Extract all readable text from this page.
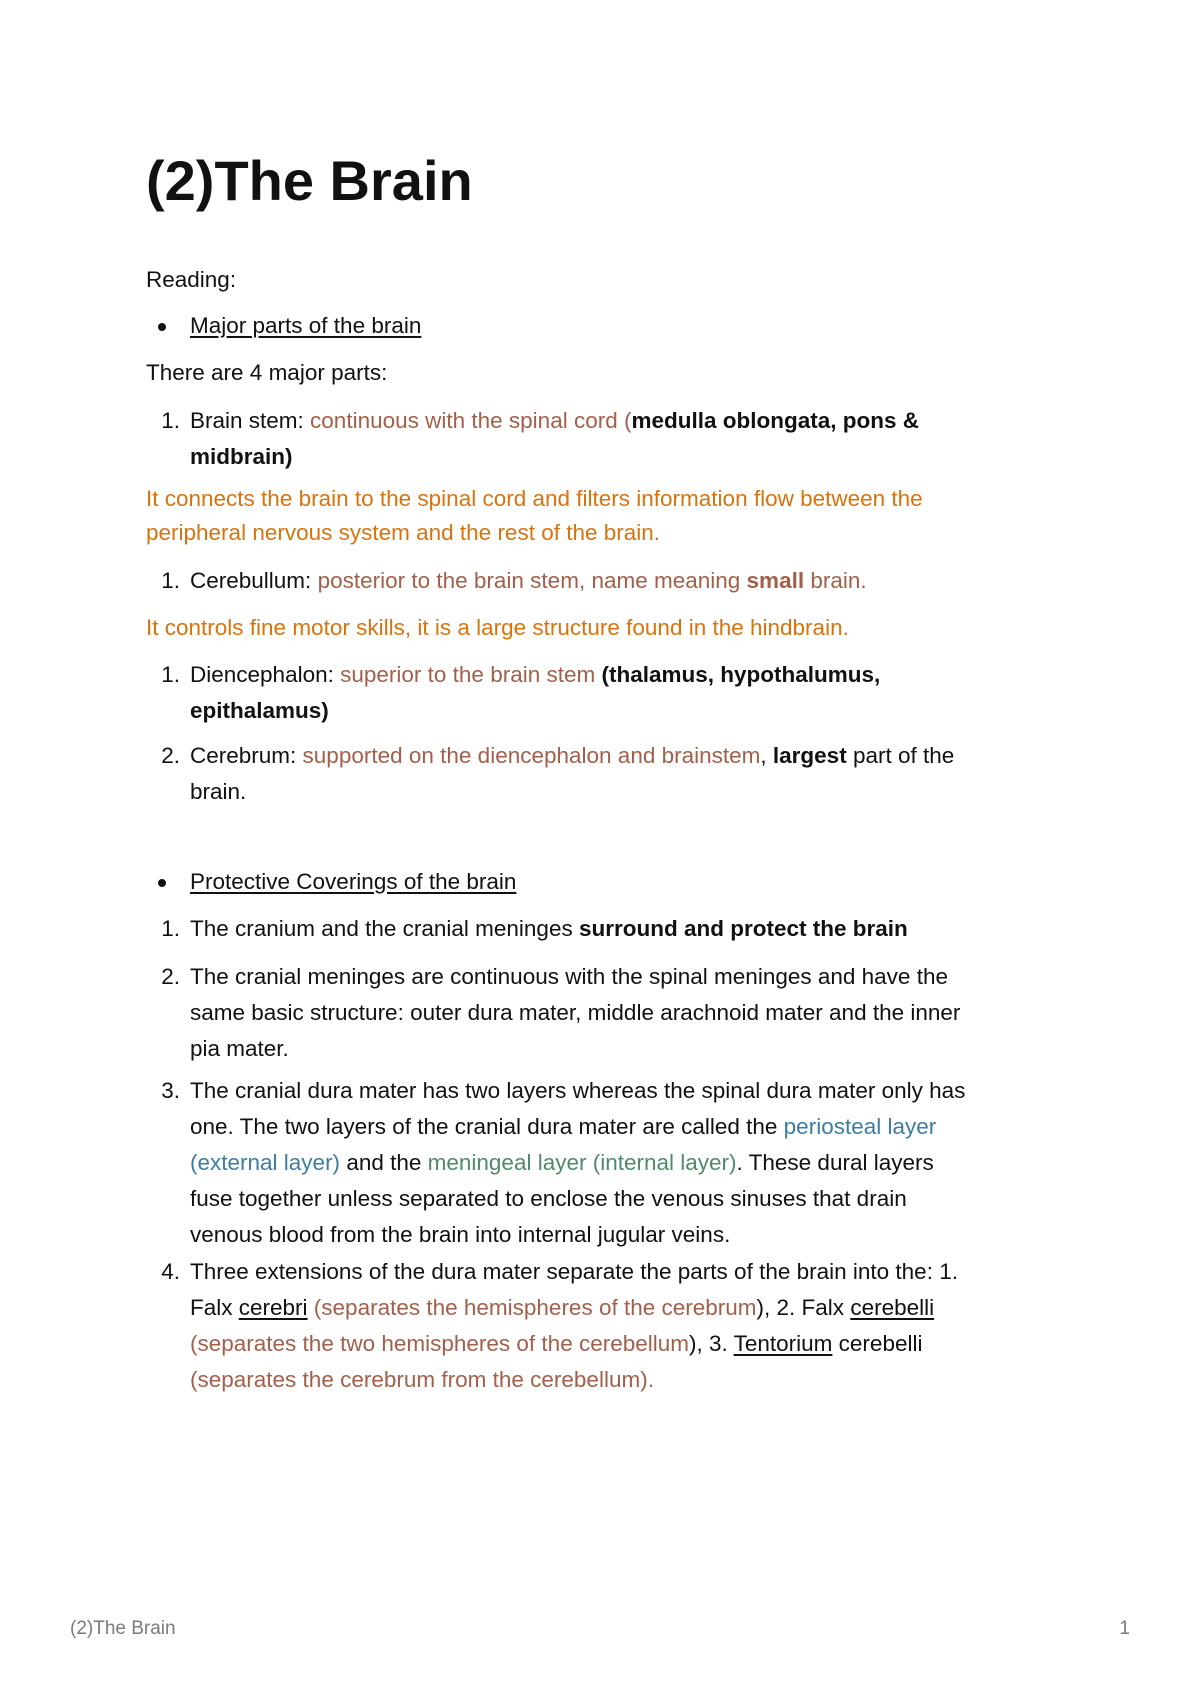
(2)The Brain

Reading:

Major parts of the brain

There are 4 major parts:

1. Brain stem: continuous with the spinal cord (medulla oblongata, pons &
midbrain)

It connects the brain to the spinal cord and filters information flow between the

peripheral nervous system and the rest of the brain.

1. Cerebullum: posterior to the brain stem, name meaning small brain.

It controls fine motor skills, it is a large structure found in the hindbrain.

1. Diencephalon: superior to the brain stem (thalamus, hypothalumus,
epithalamus)
2. Cerebrum: supported on the diencephalon and brainstem, largest part of the
brain.
Protective Coverings of the brain
1. The cranium and the cranial meninges surround and protect the brain
2. The cranial meninges are continuous with the spinal meninges and have the
same basic structure: outer dura mater, middle arachnoid mater and the inner
pia mater.
3. The cranial dura mater has two layers whereas the spinal dura mater only has
one. The two layers of the cranial dura mater are called the periosteal layer
(external layer) and the meningeal layer (internal layer). These dural layers
fuse together unless separated to enclose the venous sinuses that drain
venous blood from the brain into internal jugular veins.
4. Three extensions of the dura mater separate the parts of the brain into the: 1.
Falx cerebri (separates the hemispheres of the cerebrum), 2. Falx cerebelli
(separates the two hemispheres of the cerebellum), 3. Tentorium cerebelli
(separates the cerebrum from the cerebellum).
(2)The Brain	1
